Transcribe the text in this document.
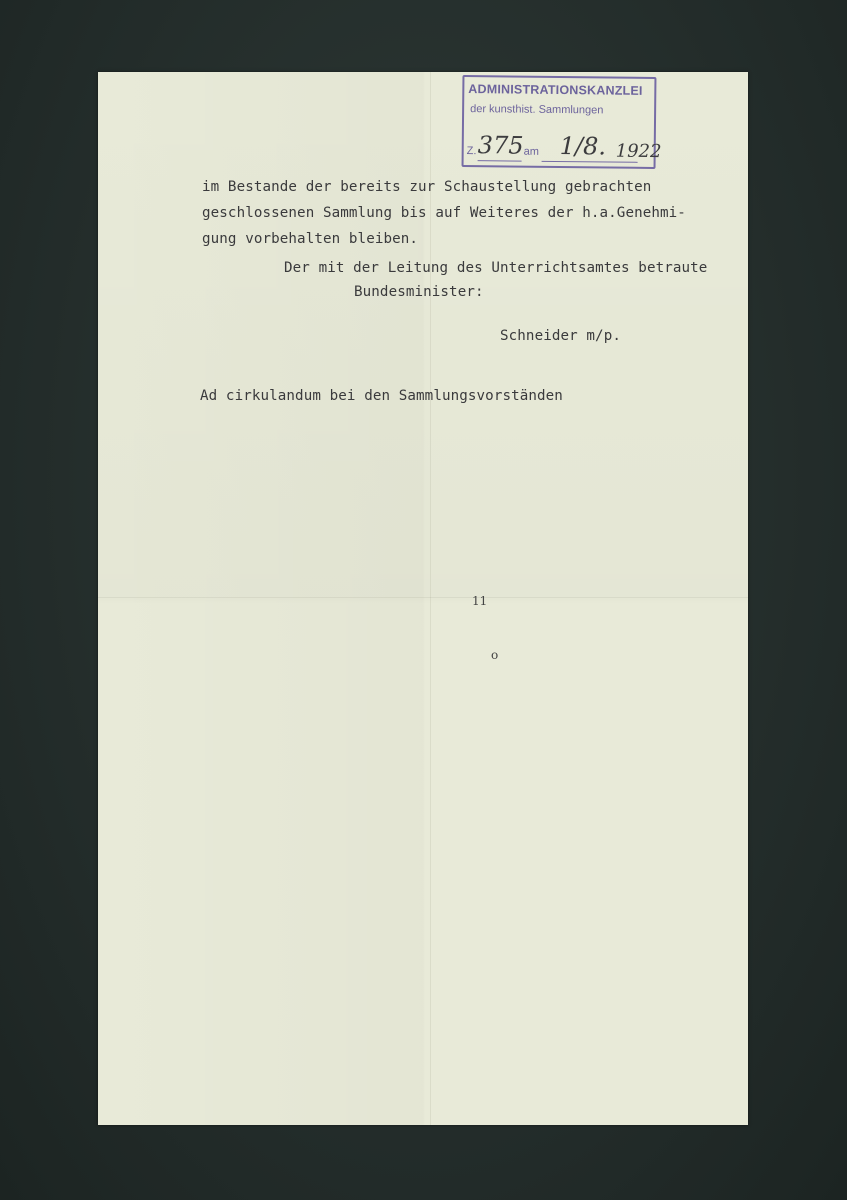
ADMINISTRATIONSKANZLEI
der kunsthist. Sammlungen
Z.	am
375 1/8. 1922
im Bestande der bereits zur Schaustellung gebrachten
geschlossenen Sammlung bis auf Weiteres der h.a.Genehmi-
gung vorbehalten bleiben.
Der mit der Leitung des Unterrichtsamtes betraute
Bundesminister:
Schneider m/p.
Ad cirkulandum bei den Sammlungsvorständen
11
o
